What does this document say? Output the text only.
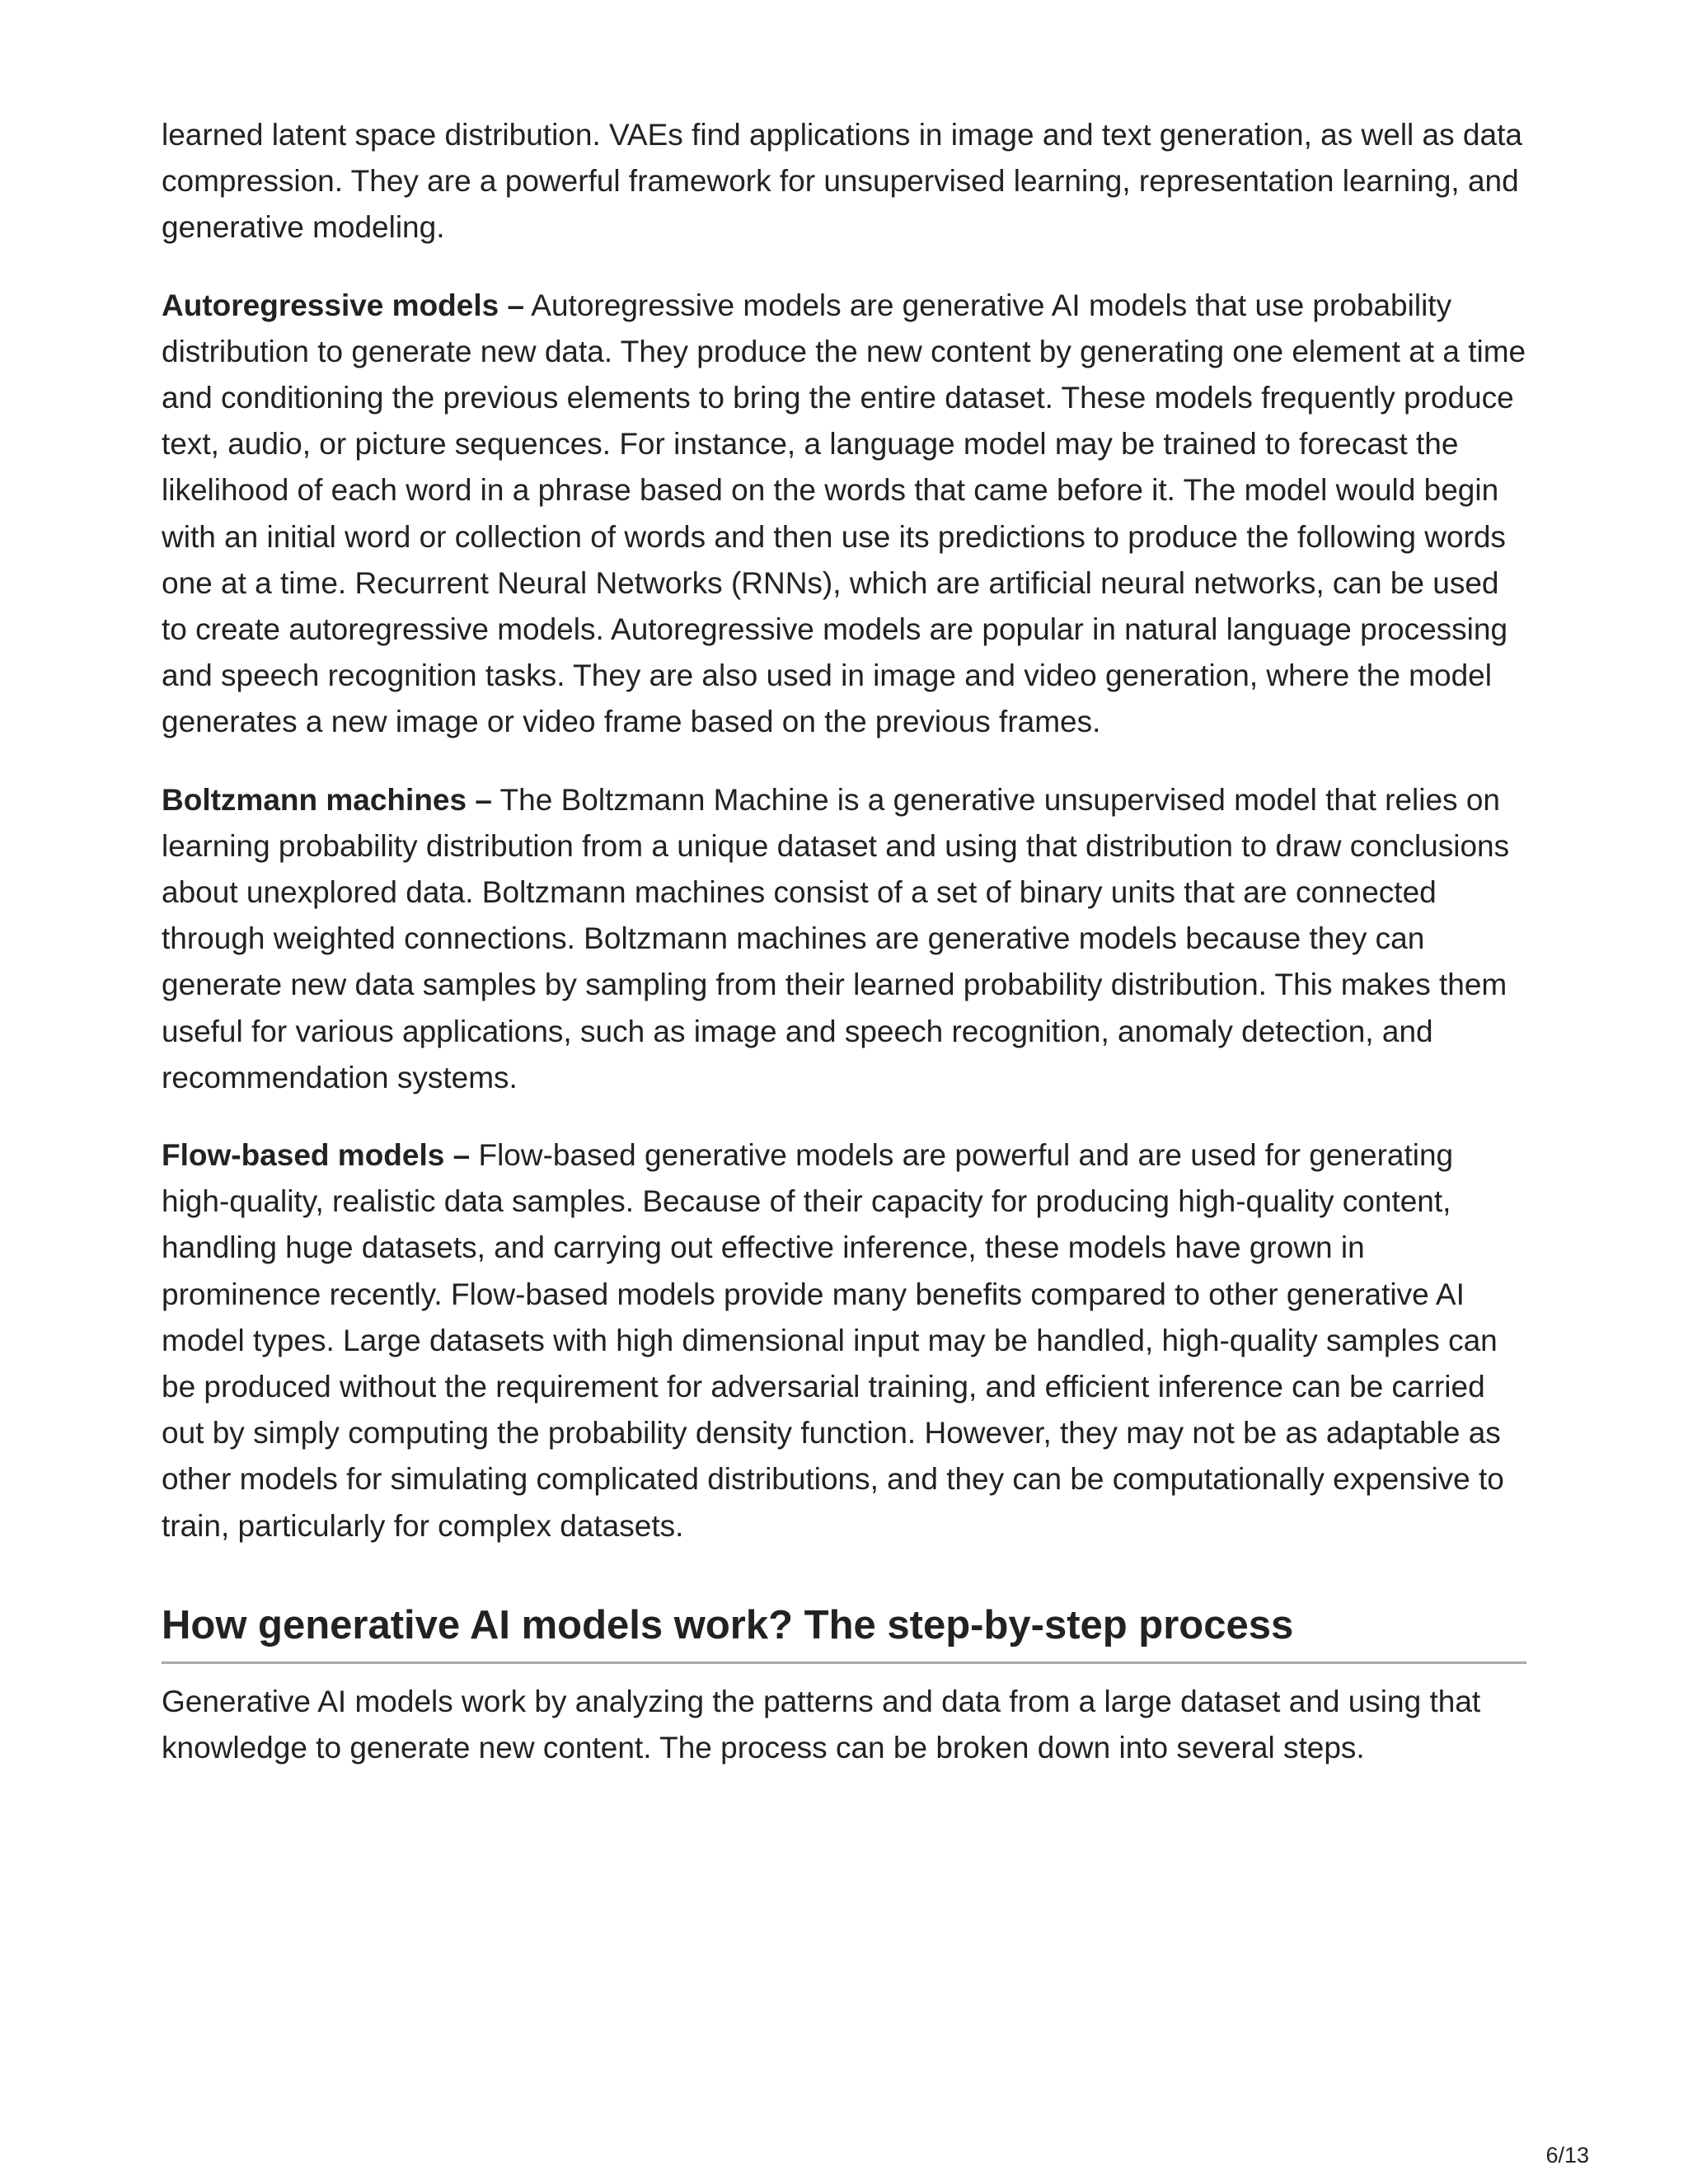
learned latent space distribution. VAEs find applications in image and text generation, as well as data compression. They are a powerful framework for unsupervised learning, representation learning, and generative modeling.

Autoregressive models – Autoregressive models are generative AI models that use probability distribution to generate new data. They produce the new content by generating one element at a time and conditioning the previous elements to bring the entire dataset. These models frequently produce text, audio, or picture sequences. For instance, a language model may be trained to forecast the likelihood of each word in a phrase based on the words that came before it. The model would begin with an initial word or collection of words and then use its predictions to produce the following words one at a time. Recurrent Neural Networks (RNNs), which are artificial neural networks, can be used to create autoregressive models. Autoregressive models are popular in natural language processing and speech recognition tasks. They are also used in image and video generation, where the model generates a new image or video frame based on the previous frames.

Boltzmann machines – The Boltzmann Machine is a generative unsupervised model that relies on learning probability distribution from a unique dataset and using that distribution to draw conclusions about unexplored data. Boltzmann machines consist of a set of binary units that are connected through weighted connections. Boltzmann machines are generative models because they can generate new data samples by sampling from their learned probability distribution. This makes them useful for various applications, such as image and speech recognition, anomaly detection, and recommendation systems.

Flow-based models – Flow-based generative models are powerful and are used for generating high-quality, realistic data samples. Because of their capacity for producing high-quality content, handling huge datasets, and carrying out effective inference, these models have grown in prominence recently. Flow-based models provide many benefits compared to other generative AI model types. Large datasets with high dimensional input may be handled, high-quality samples can be produced without the requirement for adversarial training, and efficient inference can be carried out by simply computing the probability density function. However, they may not be as adaptable as other models for simulating complicated distributions, and they can be computationally expensive to train, particularly for complex datasets.

How generative AI models work? The step-by-step process

Generative AI models work by analyzing the patterns and data from a large dataset and using that knowledge to generate new content. The process can be broken down into several steps.

6/13
